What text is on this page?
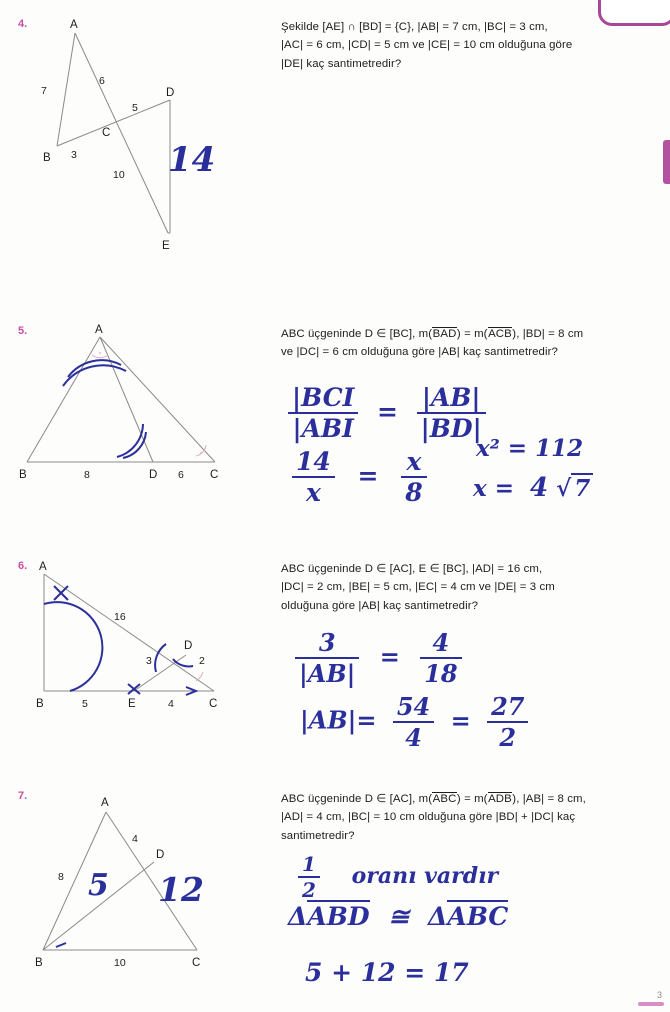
4.	A
B
C
D
E
7
6
5
3
10 14
Şekilde [AE] ∩ [BD] = {C}, |AB| = 7 cm, |BC| = 3 cm,
|AC| = 6 cm, |CD| = 5 cm ve |CE| = 10 cm olduğuna göre
|DE| kaç santimetredir?
5.	A
B	D	C
8	6
ABC üçgeninde D ∈ [BC], m(BAD) = m(ACB), |BD| = 8 cm
ve |DC| = 6 cm olduğuna göre |AB| kaç santimetredir?
$\frac{\text{|BCI}}{\text{|ABI}} = \frac{|AB|}{|BD|}$
$\frac{14}{x} = \frac{x}{8} x^2 = 112$
x = 4 √ 7
6. A
B	E	C
D
16
3	2
5	4
ABC üçgeninde D ∈ [AC], E ∈ [BC], |AD| = 16 cm,
|DC| = 2 cm, |BE| = 5 cm, |EC| = 4 cm ve |DE| = 3 cm
olduğuna göre |AB| kaç santimetredir?
$\frac{3}{|AB|} = \frac{4}{18}$
$|AB|= \frac{54}{4} = \frac{27}{2}$
7.
A
B
D
C
4
8
10
5 12
ABC üçgeninde D ∈ [AC], m(ABC) = m(ADB), |AB| = 8 cm,
|AD| = 4 cm, |BC| = 10 cm olduğuna göre |BD| + |DC| kaç
santimetredir?
$\frac{1}{2}$ oranı vardır
ΔABD ≅ ΔABC
5 + 12 = 17
3
